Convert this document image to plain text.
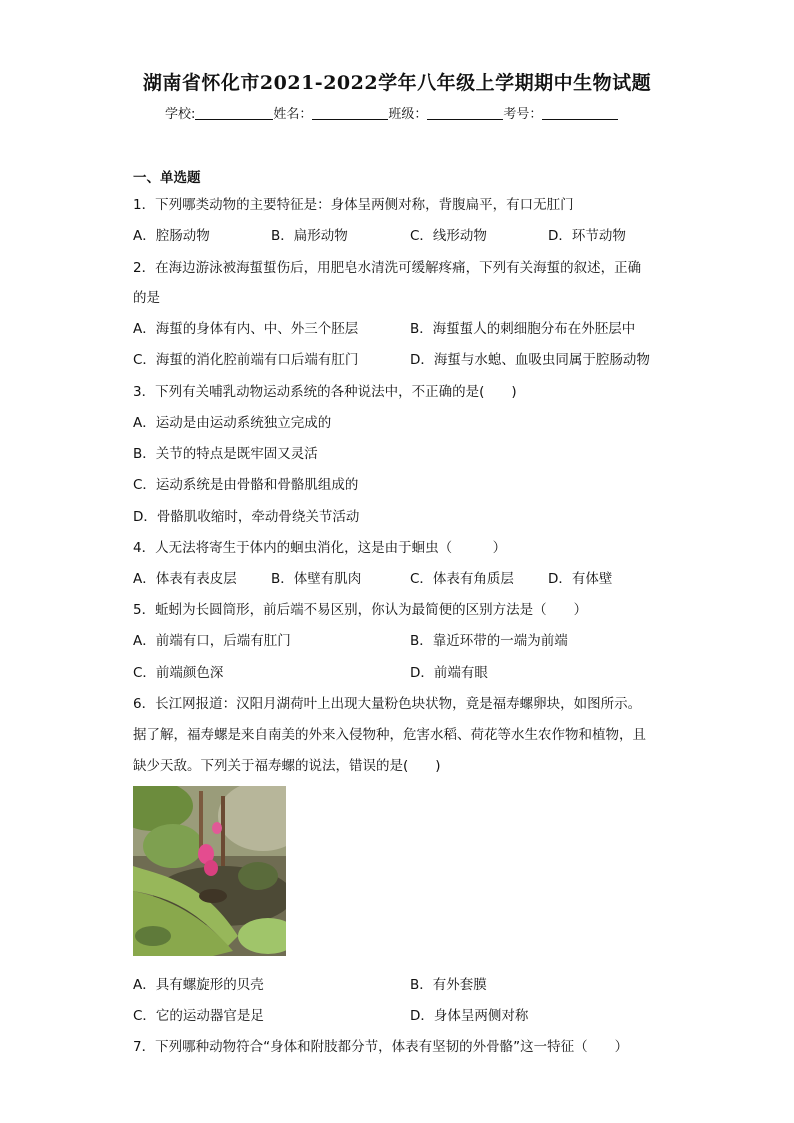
湖南省怀化市2021-2022学年八年级上学期期中生物试题
学校:	姓名：	班级：	考号：
一、单选题
1．下列哪类动物的主要特征是：身体呈两侧对称，背腹扁平，有口无肛门
A．腔肠动物	B．扁形动物	C．线形动物	D．环节动物
2．在海边游泳被海蜇蜇伤后，用肥皂水清洗可缓解疼痛，下列有关海蜇的叙述，正确
的是
A．海蜇的身体有内、中、外三个胚层	B．海蜇蜇人的刺细胞分布在外胚层中
C．海蜇的消化腔前端有口后端有肛门	D．海蜇与水螅、血吸虫同属于腔肠动物
3．下列有关哺乳动物运动系统的各种说法中，不正确的是(　　)
A．运动是由运动系统独立完成的
B．关节的特点是既牢固又灵活
C．运动系统是由骨骼和骨骼肌组成的
D．骨骼肌收缩时，牵动骨绕关节活动
4．人无法将寄生于体内的蛔虫消化，这是由于蛔虫（　　　）
A．体表有表皮层	B．体壁有肌肉	C．体表有角质层	D．有体壁
5．蚯蚓为长圆筒形，前后端不易区别，你认为最简便的区别方法是（　　）
A．前端有口，后端有肛门	B．靠近环带的一端为前端
C．前端颜色深	D．前端有眼
6．长江网报道：汉阳月湖荷叶上出现大量粉色块状物，竟是福寿螺卵块，如图所示。
据了解，福寿螺是来自南美的外来入侵物种，危害水稻、荷花等水生农作物和植物，且
缺少天敌。下列关于福寿螺的说法，错误的是(　　)
A．具有螺旋形的贝壳	B．有外套膜
C．它的运动器官是足	D．身体呈两侧对称
7．下列哪种动物符合“身体和附肢都分节，体表有坚韧的外骨骼”这一特征（　　）
